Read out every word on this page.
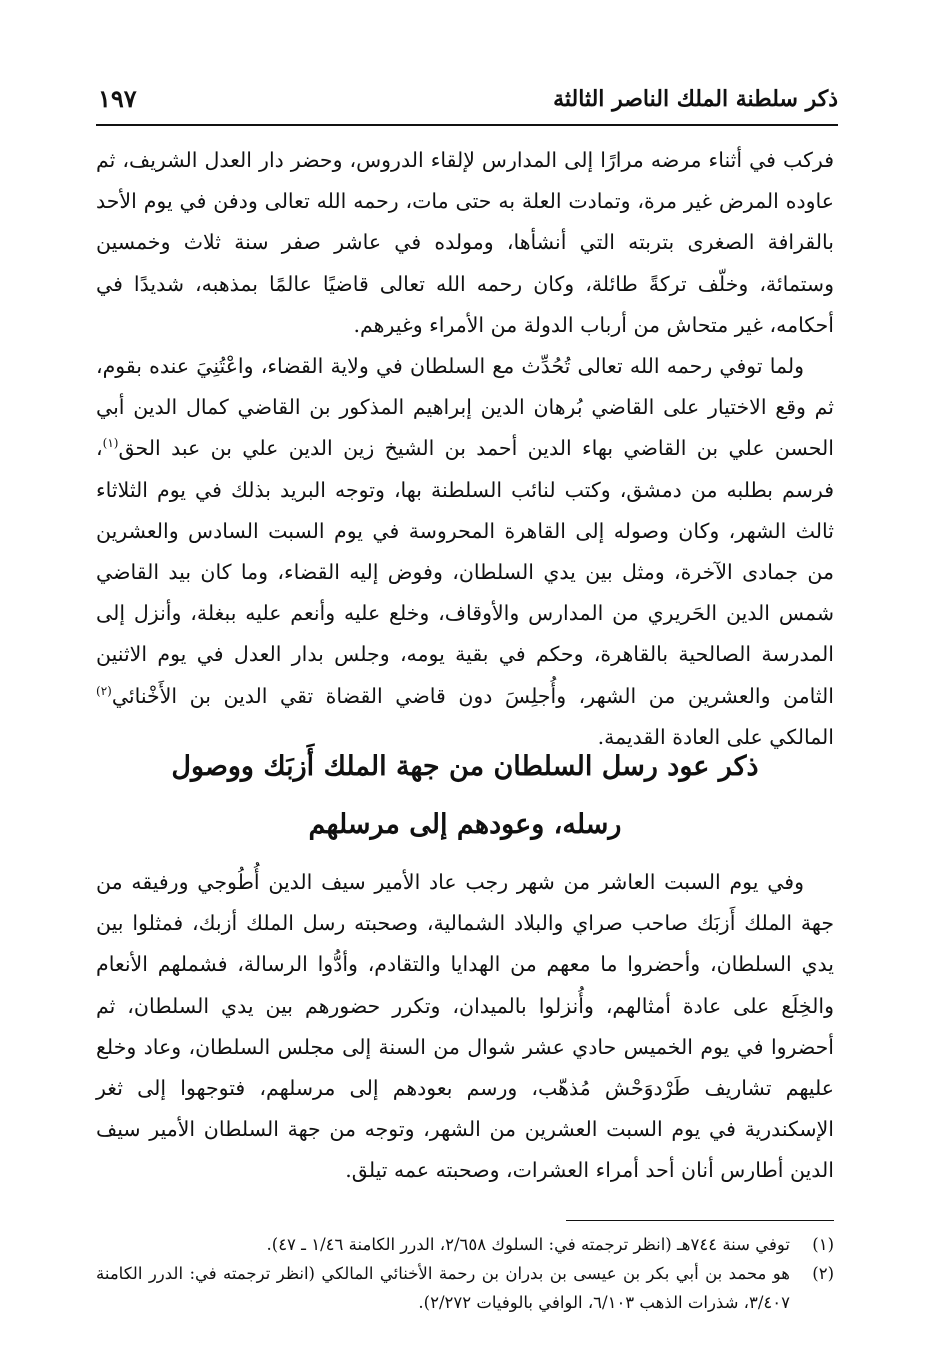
ذكر سلطنة الملك الناصر الثالثة
١٩٧

فركب في أثناء مرضه مرارًا إلى المدارس لإلقاء الدروس، وحضر دار العدل الشريف، ثم عاوده المرض غير مرة، وتمادت العلة به حتى مات، رحمه الله تعالى ودفن في يوم الأحد بالقرافة الصغرى بتربته التي أنشأها، ومولده في عاشر صفر سنة ثلاث وخمسين وستمائة، وخلّف تركةً طائلة، وكان رحمه الله تعالى قاضيًا عالمًا بمذهبه، شديدًا في أحكامه، غير متحاش من أرباب الدولة من الأمراء وغيرهم.

ولما توفي رحمه الله تعالى تُحُدِّث مع السلطان في ولاية القضاء، واعْتُنِيَ عنده بقوم، ثم وقع الاختيار على القاضي بُرهان الدين إبراهيم المذكور بن القاضي كمال الدين أبي الحسن علي بن القاضي بهاء الدين أحمد بن الشيخ زين الدين علي بن عبد الحق$^{(١)}$، فرسم بطلبه من دمشق، وكتب لنائب السلطنة بها، وتوجه البريد بذلك في يوم الثلاثاء ثالث الشهر، وكان وصوله إلى القاهرة المحروسة في يوم السبت السادس والعشرين من جمادى الآخرة، ومثل بين يدي السلطان، وفوض إليه القضاء، وما كان بيد القاضي شمس الدين الحَريري من المدارس والأوقاف، وخلع عليه وأنعم عليه ببغلة، وأنزل إلى المدرسة الصالحية بالقاهرة، وحكم في بقية يومه، وجلس بدار العدل في يوم الاثنين الثامن والعشرين من الشهر، وأُجلِسَ دون قاضي القضاة تقي الدين بن الأَخْنائي$^{(٢)}$ المالكي على العادة القديمة.

ذكر عود رسل السلطان من جهة الملك أَزبَك ووصول
رسله، وعودهم إلى مرسلهم

وفي يوم السبت العاشر من شهر رجب عاد الأمير سيف الدين أُطُوجي ورفيقه من جهة الملك أَزبَك صاحب صراي والبلاد الشمالية، وصحبته رسل الملك أزبك، فمثلوا بين يدي السلطان، وأحضروا ما معهم من الهدايا والتقادم، وأدُّوا الرسالة، فشملهم الأنعام والخِلَع على عادة أمثالهم، وأُنزلوا بالميدان، وتكرر حضورهم بين يدي السلطان، ثم أحضروا في يوم الخميس حادي عشر شوال من السنة إلى مجلس السلطان، وعاد وخلع عليهم تشاريف طَرْدوَحْش مُذهّب، ورسم بعودهم إلى مرسلهم، فتوجهوا إلى ثغر الإسكندرية في يوم السبت العشرين من الشهر، وتوجه من جهة السلطان الأمير سيف الدين أطارس أنان أحد أمراء العشرات، وصحبته عمه تيلق.

(١)
توفي سنة ٧٤٤هـ (انظر ترجمته في: السلوك ٢/٦٥٨، الدرر الكامنة ١/٤٦ ـ ٤٧).
(٢)
هو محمد بن أبي بكر بن عيسى بن بدران بن رحمة الأخنائي المالكي (انظر ترجمته في: الدرر الكامنة ٣/٤٠٧، شذرات الذهب ٦/١٠٣، الوافي بالوفيات ٢/٢٧٢).
